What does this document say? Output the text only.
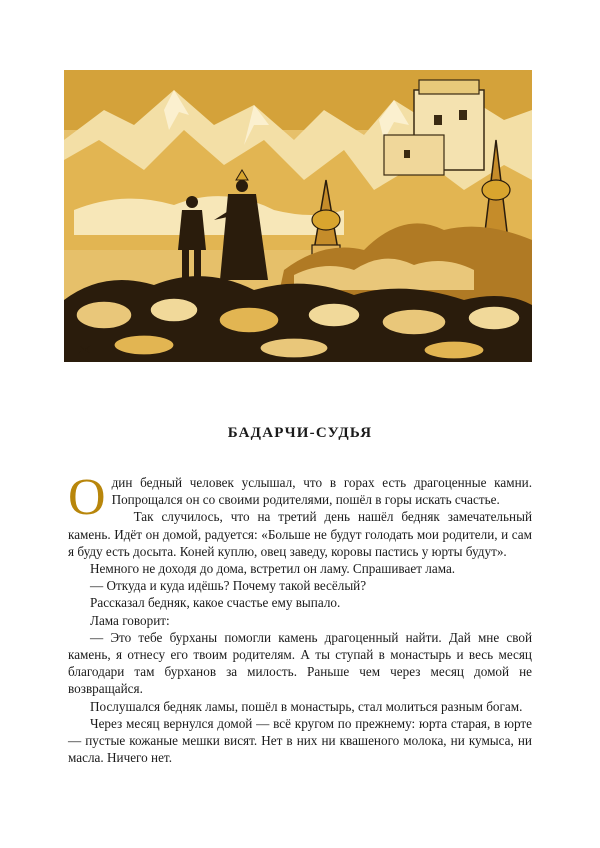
Ж
БАДАРЧИ-СУДЬЯ

Один бедный человек услышал, что в горах есть драгоценные камни. Попрощался он со своими родителями, пошёл в горы искать счастье.

Так случилось, что на третий день нашёл бедняк замечательный камень. Идёт он домой, радуется: «Больше не будут голодать мои родители, и сам я буду есть досыта. Коней куплю, овец заведу, коровы пастись у юрты будут».

Немного не доходя до дома, встретил он ламу. Спрашивает лама.

— Откуда и куда идёшь? Почему такой весёлый?

Рассказал бедняк, какое счастье ему выпало.

Лама говорит:

— Это тебе бурханы помогли камень драгоценный найти. Дай мне свой камень, я отнесу его твоим родителям. А ты ступай в монастырь и весь месяц благодари там бурханов за милость. Раньше чем через месяц домой не возвращайся.

Послушался бедняк ламы, пошёл в монастырь, стал молиться разным богам.

Через месяц вернулся домой — всё кругом по прежнему: юрта старая, в юрте — пустые кожаные мешки висят. Нет в них ни квашеного молока, ни кумыса, ни масла. Ничего нет.
